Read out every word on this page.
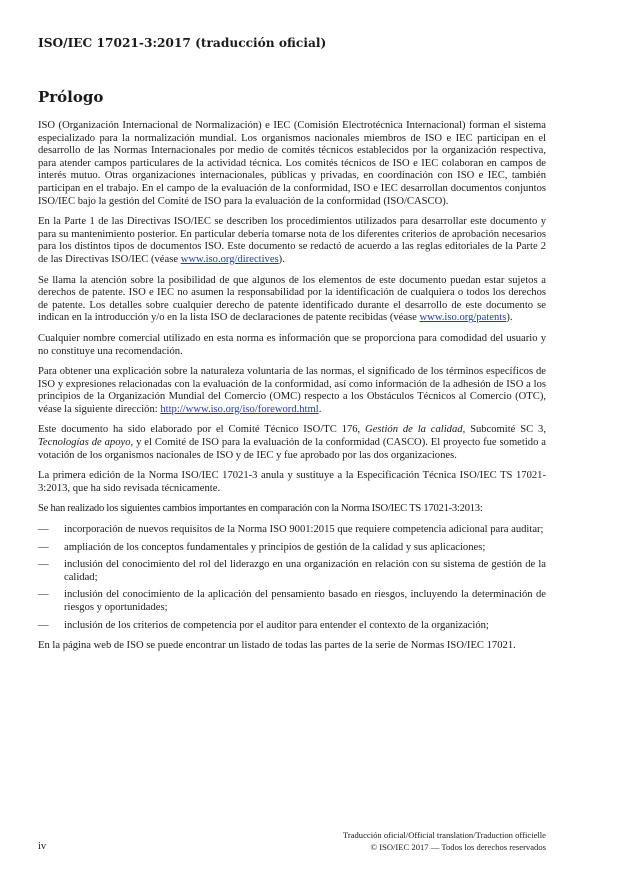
ISO/IEC 17021-3:2017 (traducción oficial)
Prólogo

ISO (Organización Internacional de Normalización) e IEC (Comisión Electrotécnica Internacional) forman el sistema especializado para la normalización mundial. Los organismos nacionales miembros de ISO e IEC participan en el desarrollo de las Normas Internacionales por medio de comités técnicos establecidos por la organización respectiva, para atender campos particulares de la actividad técnica. Los comités técnicos de ISO e IEC colaboran en campos de interés mutuo. Otras organizaciones internacionales, públicas y privadas, en coordinación con ISO e IEC, también participan en el trabajo. En el campo de la evaluación de la conformidad, ISO e IEC desarrollan documentos conjuntos ISO/IEC bajo la gestión del Comité de ISO para la evaluación de la conformidad (ISO/CASCO).

En la Parte 1 de las Directivas ISO/IEC se describen los procedimientos utilizados para desarrollar este documento y para su mantenimiento posterior. En particular debería tomarse nota de los diferentes criterios de aprobación necesarios para los distintos tipos de documentos ISO. Este documento se redactó de acuerdo a las reglas editoriales de la Parte 2 de las Directivas ISO/IEC (véase www.iso.org/directives).

Se llama la atención sobre la posibilidad de que algunos de los elementos de este documento puedan estar sujetos a derechos de patente. ISO e IEC no asumen la responsabilidad por la identificación de cualquiera o todos los derechos de patente. Los detalles sobre cualquier derecho de patente identificado durante el desarrollo de este documento se indican en la introducción y/o en la lista ISO de declaraciones de patente recibidas (véase www.iso.org/patents).

Cualquier nombre comercial utilizado en esta norma es información que se proporciona para comodidad del usuario y no constituye una recomendación.

Para obtener una explicación sobre la naturaleza voluntaria de las normas, el significado de los términos específicos de ISO y expresiones relacionadas con la evaluación de la conformidad, así como información de la adhesión de ISO a los principios de la Organización Mundial del Comercio (OMC) respecto a los Obstáculos Técnicos al Comercio (OTC), véase la siguiente dirección: http://www.iso.org/iso/foreword.html.

Este documento ha sido elaborado por el Comité Técnico ISO/TC 176, Gestión de la calidad, Subcomité SC 3, Tecnologías de apoyo, y el Comité de ISO para la evaluación de la conformidad (CASCO). El proyecto fue sometido a votación de los organismos nacionales de ISO y de IEC y fue aprobado por las dos organizaciones.

La primera edición de la Norma ISO/IEC 17021-3 anula y sustituye a la Especificación Técnica ISO/IEC TS 17021-3:2013, que ha sido revisada técnicamente.

Se han realizado los siguientes cambios importantes en comparación con la Norma ISO/IEC TS 17021-3:2013:

— incorporación de nuevos requisitos de la Norma ISO 9001:2015 que requiere competencia adicional para auditar;
— ampliación de los conceptos fundamentales y principios de gestión de la calidad y sus aplicaciones;
— inclusión del conocimiento del rol del liderazgo en una organización en relación con su sistema de gestión de la calidad;
— inclusión del conocimiento de la aplicación del pensamiento basado en riesgos, incluyendo la determinación de riesgos y oportunidades;
— inclusión de los criterios de competencia por el auditor para entender el contexto de la organización;

En la página web de ISO se puede encontrar un listado de todas las partes de la serie de Normas ISO/IEC 17021.

iv
Traducción oficial/Official translation/Traduction officielle
© ISO/IEC 2017 — Todos los derechos reservados
